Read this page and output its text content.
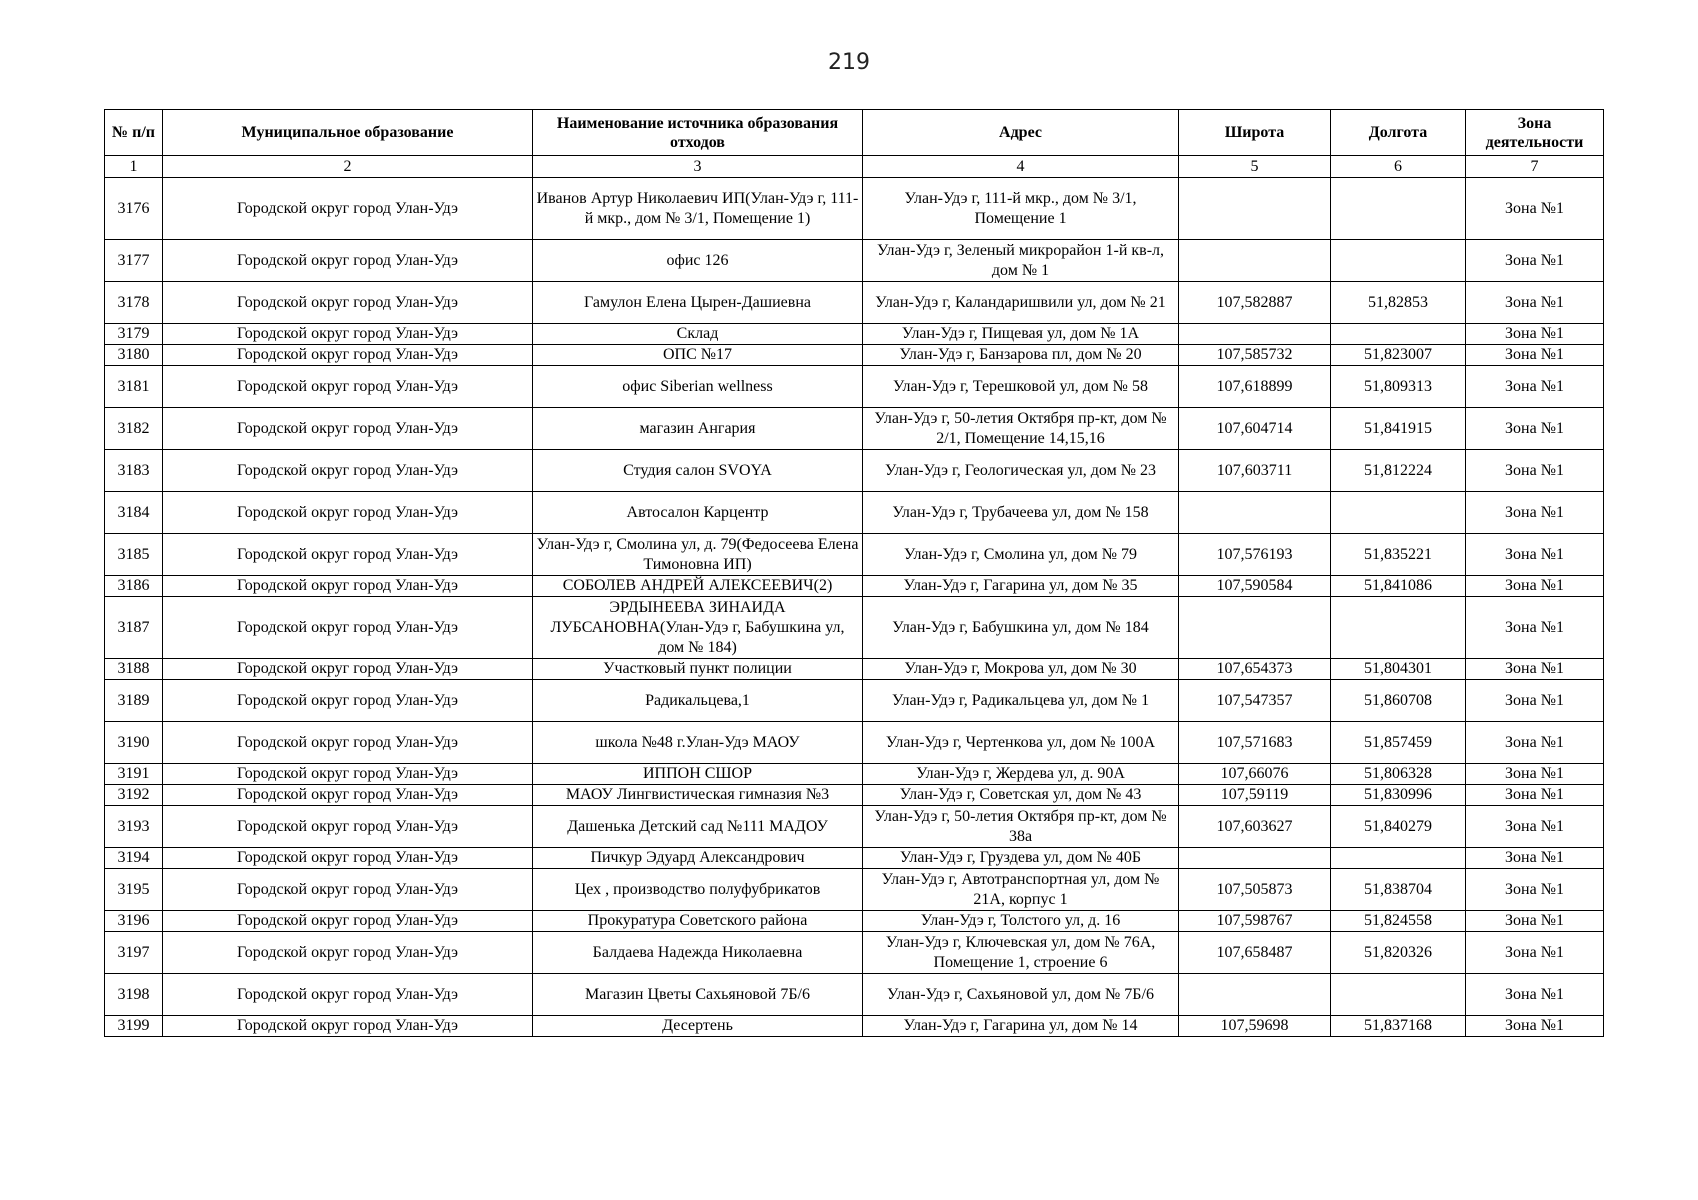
219
№ п/п	Муниципальное образование	Наименование источника образования отходов	Адрес	Широта	Долгота	Зона деятельности
1	2	3	4	5	6	7
3176	Городской округ город Улан-Удэ	Иванов Артур Николаевич ИП(Улан-Удэ г, 111-й мкр., дом № 3/1, Помещение 1)	Улан-Удэ г, 111-й мкр., дом № 3/1, Помещение 1			Зона №1
3177	Городской округ город Улан-Удэ	офис 126	Улан-Удэ г, Зеленый микрорайон 1-й кв-л, дом № 1			Зона №1
3178	Городской округ город Улан-Удэ	Гамулон Елена Цырен-Дашиевна	Улан-Удэ г, Каландаришвили ул, дом № 21	107,582887	51,82853	Зона №1
3179	Городской округ город Улан-Удэ	Склад	Улан-Удэ г, Пищевая ул, дом № 1А			Зона №1
3180	Городской округ город Улан-Удэ	ОПС №17	Улан-Удэ г, Банзарова пл, дом № 20	107,585732	51,823007	Зона №1
3181	Городской округ город Улан-Удэ	офис Siberian wellness	Улан-Удэ г, Терешковой ул, дом № 58	107,618899	51,809313	Зона №1
3182	Городской округ город Улан-Удэ	магазин Ангария	Улан-Удэ г, 50-летия Октября пр-кт, дом № 2/1, Помещение 14,15,16	107,604714	51,841915	Зона №1
3183	Городской округ город Улан-Удэ	Студия салон SVOYA	Улан-Удэ г, Геологическая ул, дом № 23	107,603711	51,812224	Зона №1
3184	Городской округ город Улан-Удэ	Автосалон Карцентр	Улан-Удэ г, Трубачеева ул, дом № 158			Зона №1
3185	Городской округ город Улан-Удэ	Улан-Удэ г, Смолина ул, д. 79(Федосеева Елена Тимоновна ИП)	Улан-Удэ г, Смолина ул, дом № 79	107,576193	51,835221	Зона №1
3186	Городской округ город Улан-Удэ	СОБОЛЕВ АНДРЕЙ АЛЕКСЕЕВИЧ(2)	Улан-Удэ г, Гагарина ул, дом № 35	107,590584	51,841086	Зона №1
3187	Городской округ город Улан-Удэ	ЭРДЫНЕЕВА ЗИНАИДА ЛУБСАНОВНА(Улан-Удэ г, Бабушкина ул, дом № 184)	Улан-Удэ г, Бабушкина ул, дом № 184			Зона №1
3188	Городской округ город Улан-Удэ	Участковый пункт полиции	Улан-Удэ г, Мокрова ул, дом № 30	107,654373	51,804301	Зона №1
3189	Городской округ город Улан-Удэ	Радикальцева,1	Улан-Удэ г, Радикальцева ул, дом № 1	107,547357	51,860708	Зона №1
3190	Городской округ город Улан-Удэ	школа №48 г.Улан-Удэ МАОУ	Улан-Удэ г, Чертенкова ул, дом № 100А	107,571683	51,857459	Зона №1
3191	Городской округ город Улан-Удэ	ИППОН СШОР	Улан-Удэ г, Жердева ул, д. 90А	107,66076	51,806328	Зона №1
3192	Городской округ город Улан-Удэ	МАОУ Лингвистическая гимназия №3	Улан-Удэ г, Советская ул, дом № 43	107,59119	51,830996	Зона №1
3193	Городской округ город Улан-Удэ	Дашенька Детский сад №111 МАДОУ	Улан-Удэ г, 50-летия Октября пр-кт, дом № 38а	107,603627	51,840279	Зона №1
3194	Городской округ город Улан-Удэ	Пичкур Эдуард Александрович	Улан-Удэ г, Груздева ул, дом № 40Б			Зона №1
3195	Городской округ город Улан-Удэ	Цех , производство полуфубрикатов	Улан-Удэ г, Автотранспортная ул, дом № 21А, корпус 1	107,505873	51,838704	Зона №1
3196	Городской округ город Улан-Удэ	Прокуратура Советского района	Улан-Удэ г, Толстого ул, д. 16	107,598767	51,824558	Зона №1
3197	Городской округ город Улан-Удэ	Балдаева Надежда Николаевна	Улан-Удэ г, Ключевская ул, дом № 76А, Помещение 1, строение 6	107,658487	51,820326	Зона №1
3198	Городской округ город Улан-Удэ	Магазин Цветы Сахьяновой 7Б/6	Улан-Удэ г, Сахьяновой ул, дом № 7Б/6			Зона №1
3199	Городской округ город Улан-Удэ	Десертень	Улан-Удэ г, Гагарина ул, дом № 14	107,59698	51,837168	Зона №1
